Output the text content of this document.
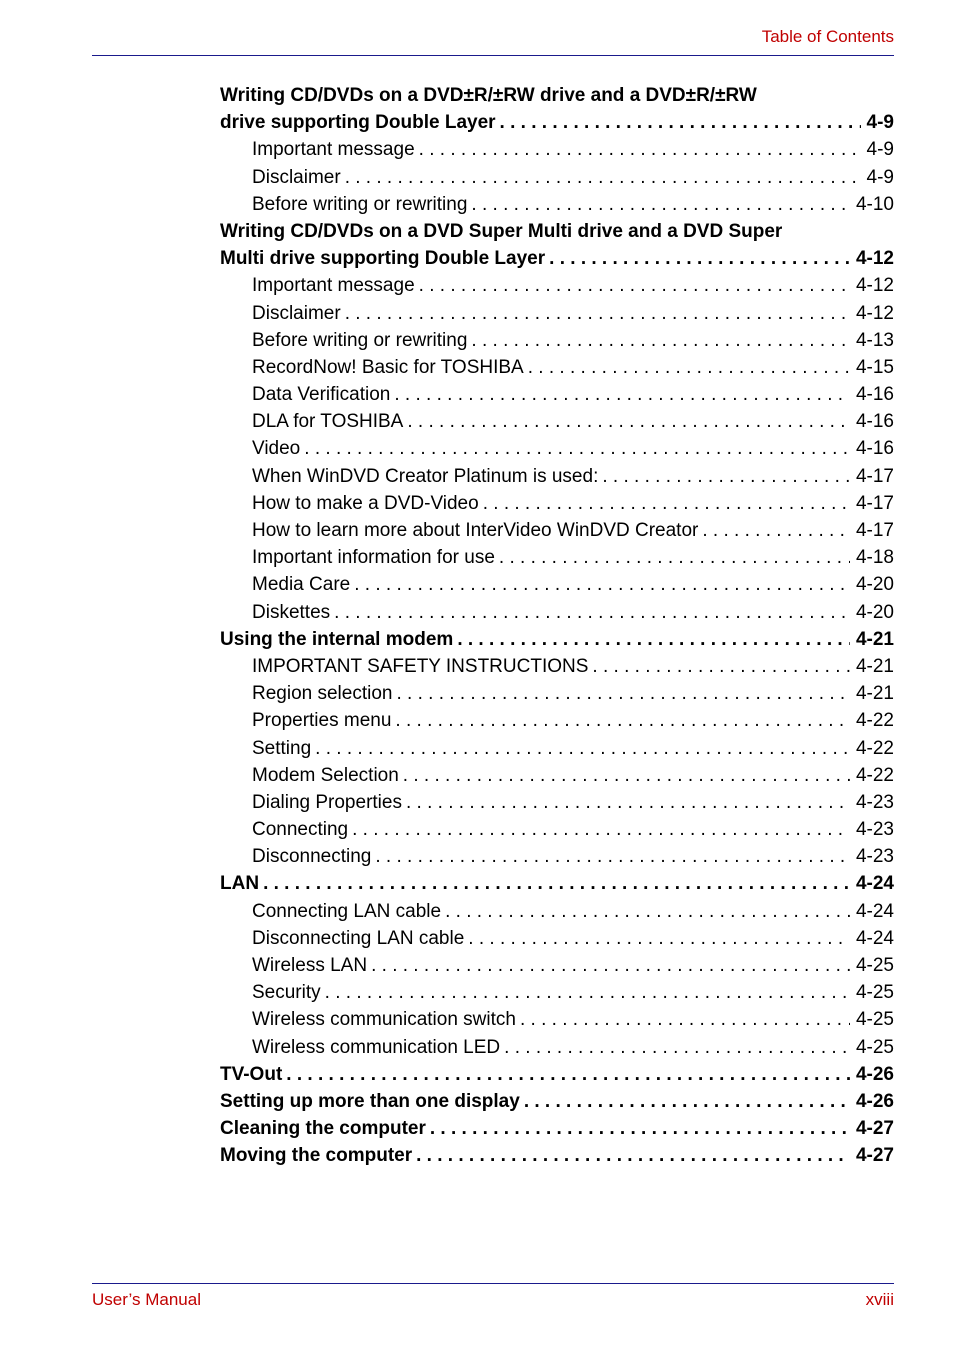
Table of Contents
Writing CD/DVDs on a DVD±R/±RW drive and a DVD±R/±RW
drive supporting Double Layer . . .	4-9
Important message . . .	4-9
Disclaimer . . .	4-9
Before writing or rewriting . . .	4-10
Writing CD/DVDs on a DVD Super Multi drive and a DVD Super
Multi drive supporting Double Layer . . .	4-12
Important message . . .	4-12
Disclaimer . . .	4-12
Before writing or rewriting . . .	4-13
RecordNow! Basic for TOSHIBA . . .	4-15
Data Verification . . .	4-16
DLA for TOSHIBA . . .	4-16
Video . . .	4-16
When WinDVD Creator Platinum is used: . . .	4-17
How to make a DVD-Video . . .	4-17
How to learn more about InterVideo WinDVD Creator . . .	4-17
Important information for use . . .	4-18
Media Care . . .	4-20
Diskettes . . .	4-20
Using the internal modem . . .	4-21
IMPORTANT SAFETY INSTRUCTIONS . . .	4-21
Region selection . . .	4-21
Properties menu . . .	4-22
Setting . . .	4-22
Modem Selection . . .	4-22
Dialing Properties . . .	4-23
Connecting . . .	4-23
Disconnecting . . .	4-23
LAN . . .	4-24
Connecting LAN cable . . .	4-24
Disconnecting LAN cable . . .	4-24
Wireless LAN . . .	4-25
Security . . .	4-25
Wireless communication switch . . .	4-25
Wireless communication LED . . .	4-25
TV-Out . . .	4-26
Setting up more than one display . . .	4-26
Cleaning the computer . . .	4-27
Moving the computer . . .	4-27
User’s Manual	xviii
